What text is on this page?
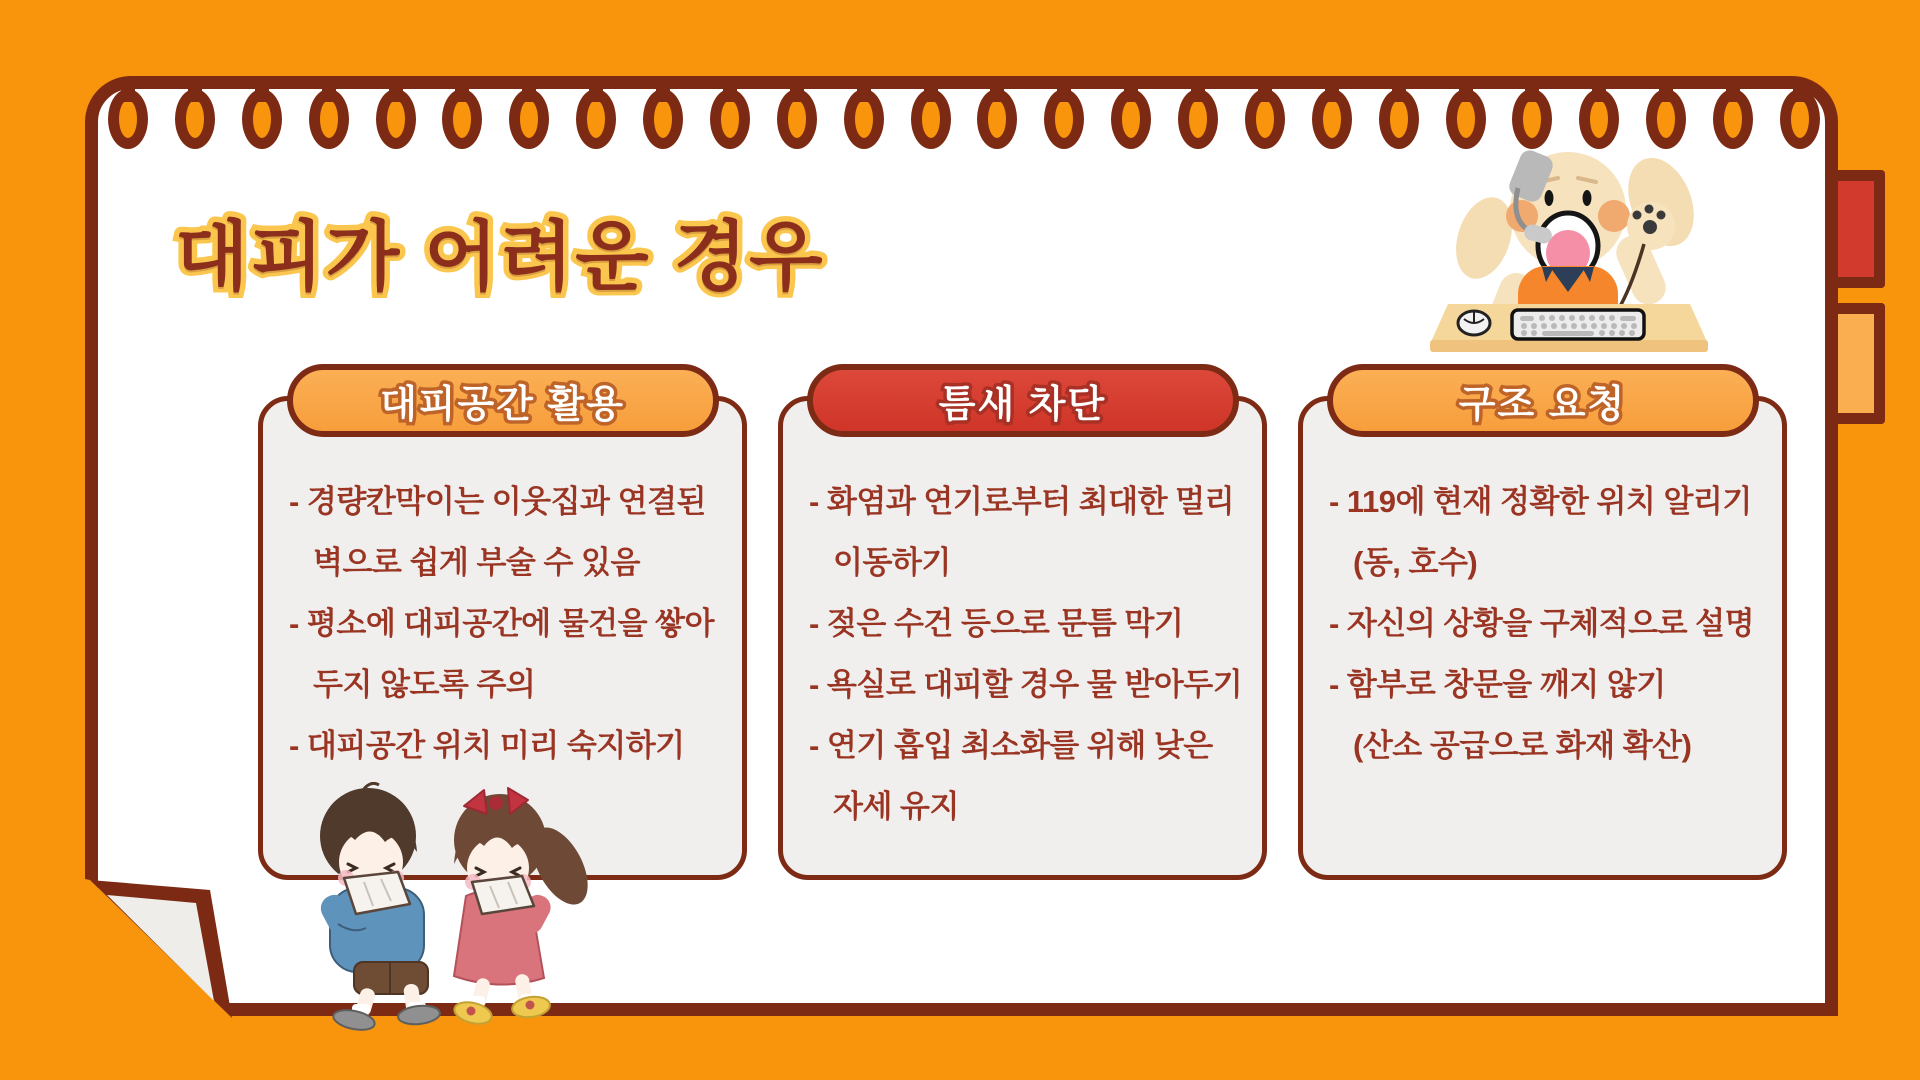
대피가 어려운 경우
대피공간 활용

- 경량칸막이는 이웃집과 연결된

벽으로 쉽게 부술 수 있음

- 평소에 대피공간에 물건을 쌓아

두지 않도록 주의

- 대피공간 위치 미리 숙지하기

틈새 차단

- 화염과 연기로부터 최대한 멀리

이동하기

- 젖은 수건 등으로 문틈 막기

- 욕실로 대피할 경우 물 받아두기

- 연기 흡입 최소화를 위해 낮은

자세 유지

구조 요청

- 119에 현재 정확한 위치 알리기

(동, 호수)

- 자신의 상황을 구체적으로 설명

- 함부로 창문을 깨지 않기

(산소 공급으로 화재 확산)
